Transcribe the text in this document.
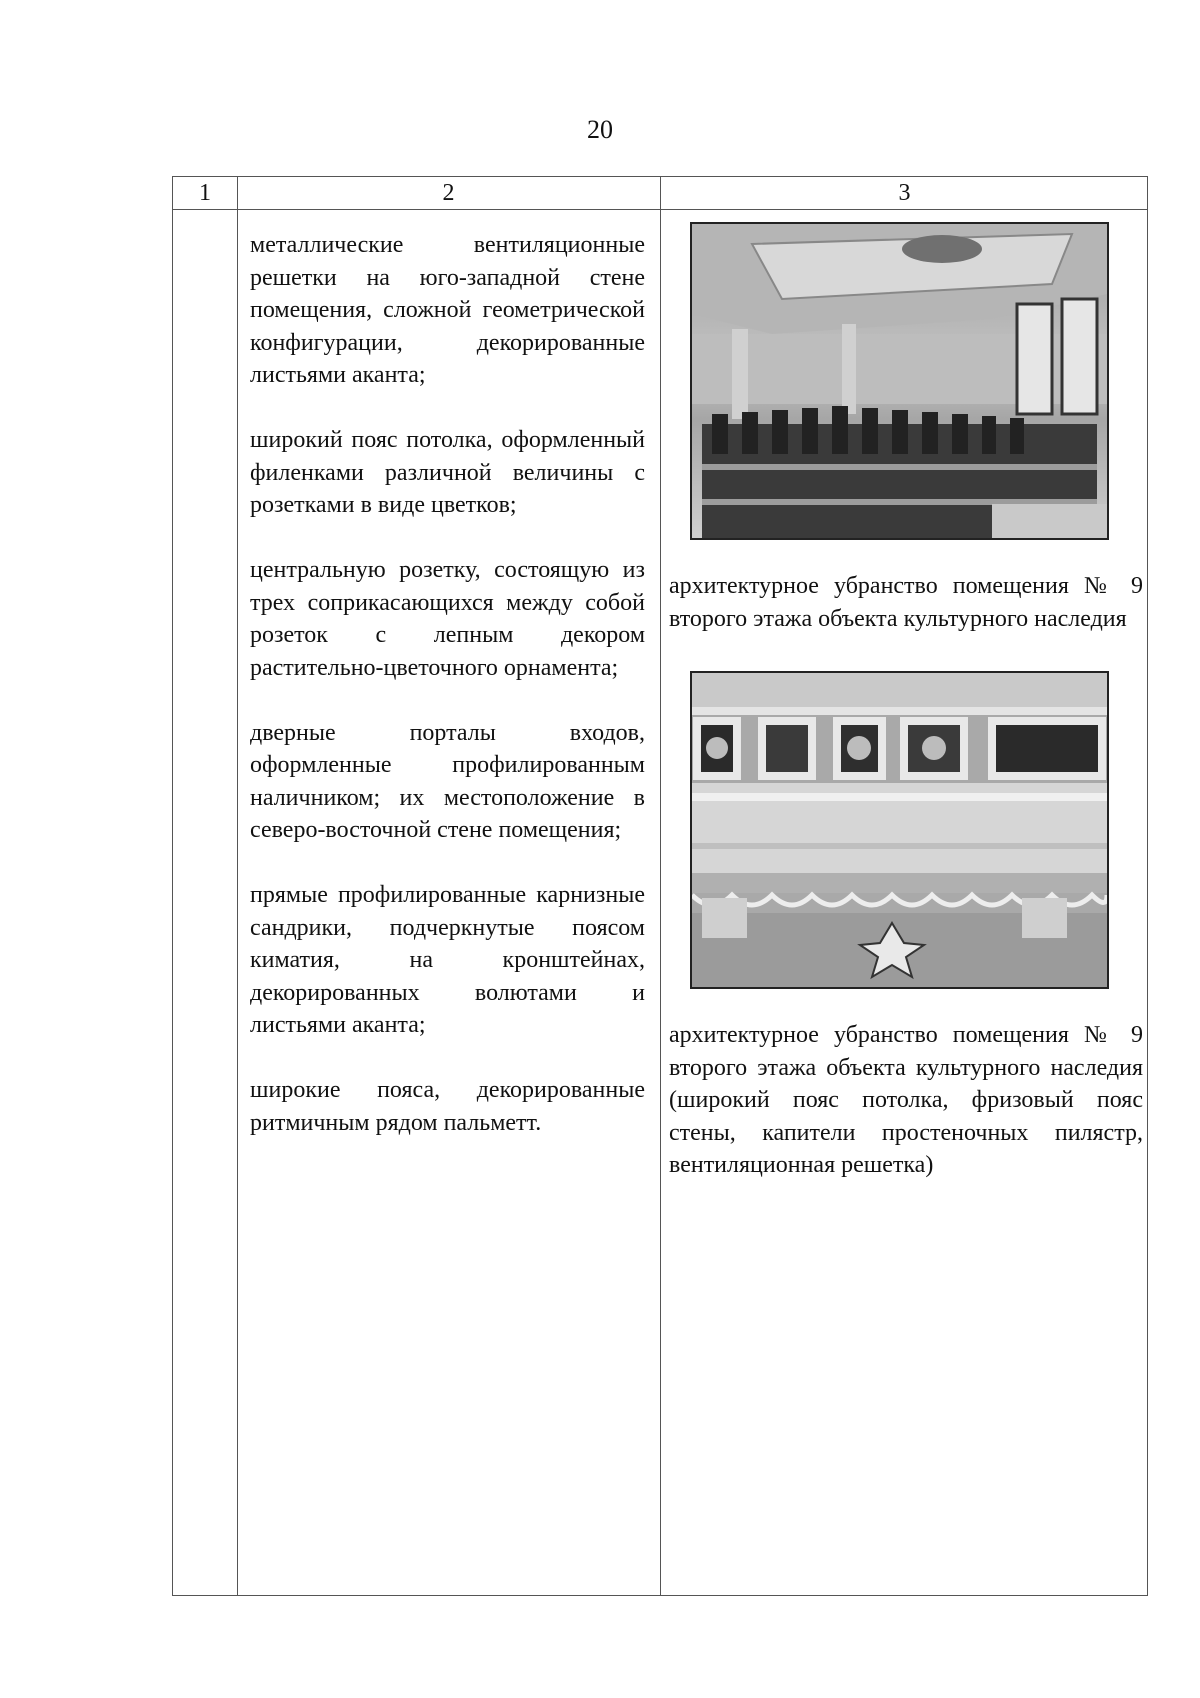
20
1	2	3

металлические вентиляционные решетки на юго-западной стене помещения, сложной геометрической конфигурации, декорированные листьями аканта;

широкий пояс потолка, оформленный филенками различной величины с розетками в виде цветков;

центральную розетку, состоящую из трех соприкасающихся между собой розеток с лепным декором растительно-цветочного орнамента;

дверные порталы входов, оформленные профилированным наличником; их местоположение в северо-восточной стене помещения;

прямые профилированные карнизные сандрики, подчеркнутые поясом киматия, на кронштейнах, декорированных волютами и листьями аканта;

широкие пояса, декорированные ритмичным рядом пальметт.

архитектурное убранство помещения № 9 второго этажа объекта культурного наследия

архитектурное убранство помещения № 9 второго этажа объекта культурного наследия (широкий пояс потолка, фризовый пояс стены, капители простеночных пилястр, вентиляционная решетка)
